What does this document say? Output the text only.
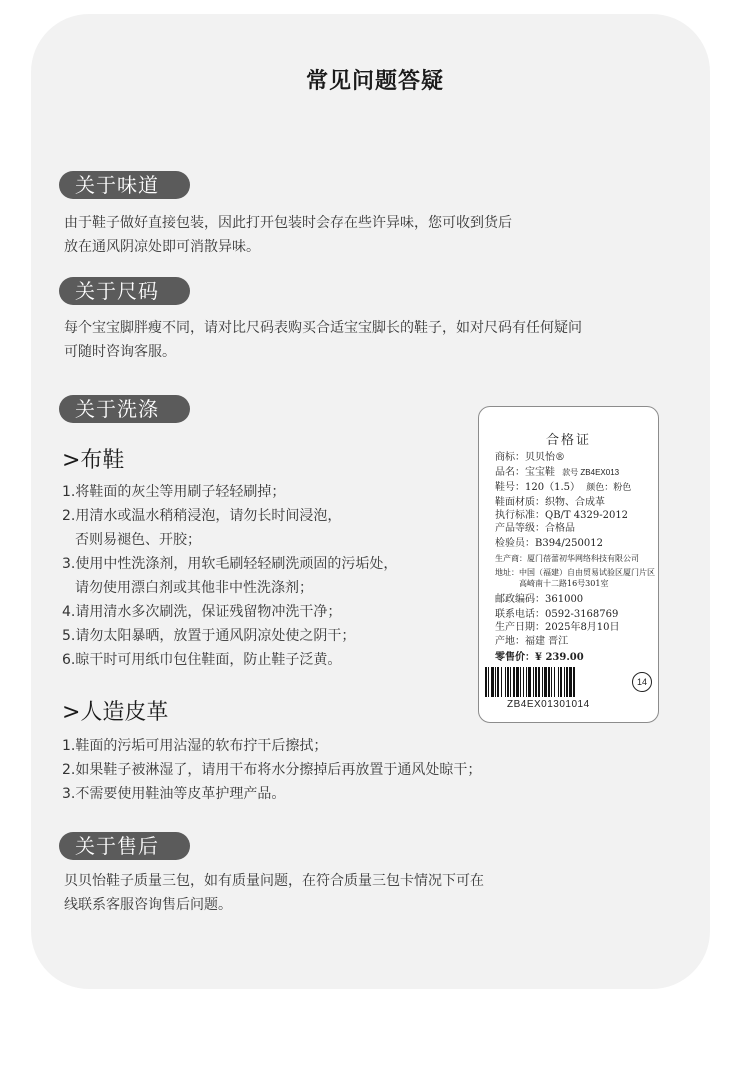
常见问题答疑
关于味道
由于鞋子做好直接包装，因此打开包装时会存在些许异味，您可收到货后
放在通风阴凉处即可消散异味。
关于尺码
每个宝宝脚胖瘦不同，请对比尺码表购买合适宝宝脚长的鞋子，如对尺码有任何疑问
可随时咨询客服。
关于洗涤
>布鞋
1.将鞋面的灰尘等用刷子轻轻刷掉；
2.用清水或温水稍稍浸泡，请勿长时间浸泡，
否则易褪色、开胶；
3.使用中性洗涤剂，用软毛刷轻轻刷洗顽固的污垢处，
请勿使用漂白剂或其他非中性洗涤剂；
4.请用清水多次刷洗，保证残留物冲洗干净；
5.请勿太阳暴晒，放置于通风阴凉处使之阴干；
6.晾干时可用纸巾包住鞋面，防止鞋子泛黄。
>人造皮革
1.鞋面的污垢可用沾湿的软布拧干后擦拭；
2.如果鞋子被淋湿了，请用干布将水分擦掉后再放置于通风处晾干；
3.不需要使用鞋油等皮革护理产品。
关于售后
贝贝怡鞋子质量三包，如有质量问题，在符合质量三包卡情况下可在
线联系客服咨询售后问题。
合格证
商标：贝贝怡®
品名：宝宝鞋 款号 ZB4EX013
鞋号：120（1.5） 颜色：粉色
鞋面材质：织物、合成革
执行标准：QB/T 4329-2012
产品等级：合格品
检验员：B394/250012
生产商：厦门蓓蕾初华网络科技有限公司
地址：中国（福建）自由贸易试验区厦门片区
高崎南十二路16号301室
邮政编码：361000
联系电话：0592-3168769
生产日期：2025年8月10日
产地：福建 晋江
零售价：¥ 239.00
14
ZB4EX01301014
